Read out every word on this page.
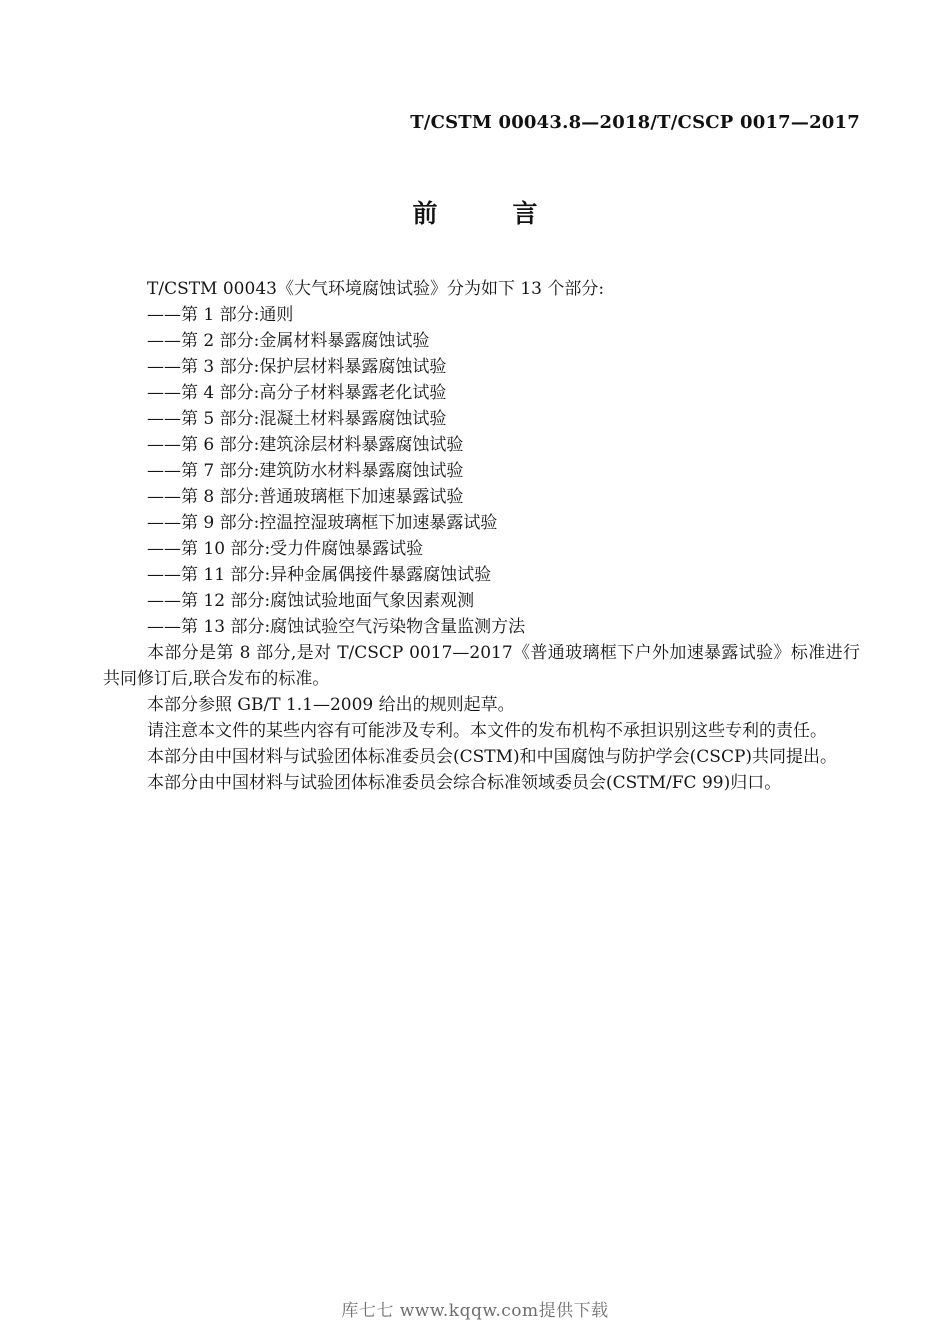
T/CSTM 00043.8—2018/T/CSCP 0017—2017
前　　　言
T/CSTM 00043《大气环境腐蚀试验》分为如下 13 个部分:
——第 1 部分:通则
——第 2 部分:金属材料暴露腐蚀试验
——第 3 部分:保护层材料暴露腐蚀试验
——第 4 部分:高分子材料暴露老化试验
——第 5 部分:混凝土材料暴露腐蚀试验
——第 6 部分:建筑涂层材料暴露腐蚀试验
——第 7 部分:建筑防水材料暴露腐蚀试验
——第 8 部分:普通玻璃框下加速暴露试验
——第 9 部分:控温控湿玻璃框下加速暴露试验
——第 10 部分:受力件腐蚀暴露试验
——第 11 部分:异种金属偶接件暴露腐蚀试验
——第 12 部分:腐蚀试验地面气象因素观测
——第 13 部分:腐蚀试验空气污染物含量监测方法

本部分是第 8 部分,是对 T/CSCP 0017—2017《普通玻璃框下户外加速暴露试验》标准进行共同修订后,联合发布的标准。

本部分参照 GB/T 1.1—2009 给出的规则起草。

请注意本文件的某些内容有可能涉及专利。本文件的发布机构不承担识别这些专利的责任。

本部分由中国材料与试验团体标准委员会(CSTM)和中国腐蚀与防护学会(CSCP)共同提出。

本部分由中国材料与试验团体标准委员会综合标准领域委员会(CSTM/FC 99)归口。

库七七 www.kqqw.com提供下载
